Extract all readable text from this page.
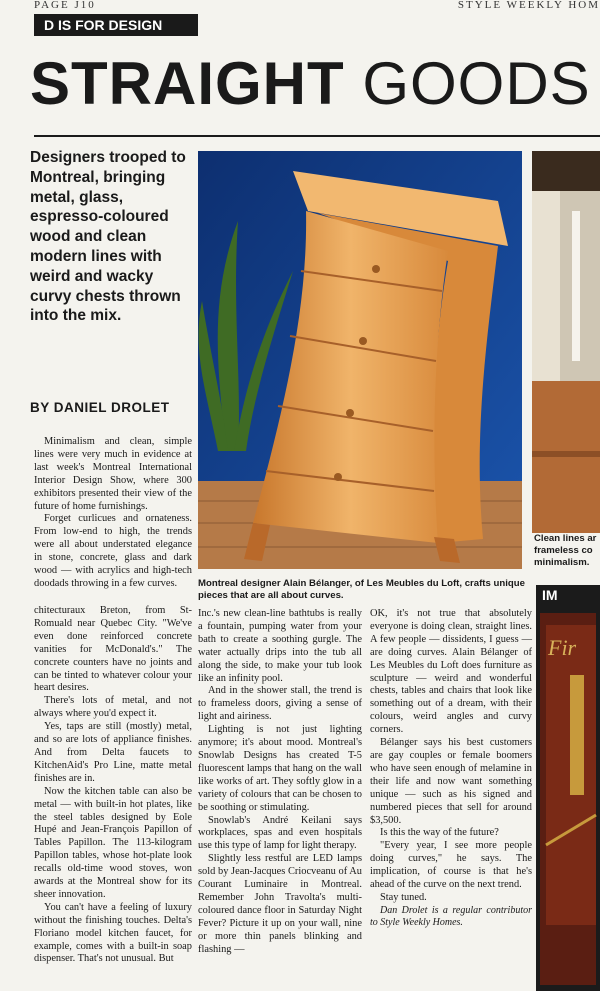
PAGE J10	STYLE WEEKLY HOM
D IS FOR DESIGN
STRAIGHT GOODS
Designers trooped to Montreal, bringing metal, glass, espresso-coloured wood and clean modern lines with weird and wacky curvy chests thrown into the mix.
BY DANIEL DROLET
Montreal designer Alain Bélanger, of Les Meubles du Loft, crafts unique pieces that are all about curves.
Clean lines ar
frameless co
minimalism.

Minimalism and clean, simple lines were very much in evidence at last week's Montreal International Interior Design Show, where 300 exhibitors presented their view of the future of home furnishings.

Forget curlicues and ornateness. From low-end to high, the trends were all about understated elegance in stone, concrete, glass and dark wood — with acrylics and high-tech doodads throwing in a few curves.

chitecturaux Breton, from St-Romuald near Quebec City. "We've even done reinforced concrete vanities for McDonald's." The concrete counters have no joints and can be tinted to whatever colour your heart desires.

There's lots of metal, and not always where you'd expect it.

Yes, taps are still (mostly) metal, and so are lots of appliance finishes. And from Delta faucets to KitchenAid's Pro Line, matte metal finishes are in.

Now the kitchen table can also be metal — with built-in hot plates, like the steel tables designed by Eole Hupé and Jean-François Papillon of Tables Papillon. The 113-kilogram Papillon tables, whose hot-plate look recalls old-time wood stoves, won awards at the Montreal show for its sheer innovation.

You can't have a feeling of luxury without the finishing touches. Delta's Floriano model kitchen faucet, for example, comes with a built-in soap dispenser. That's not unusual. But

Inc.'s new clean-line bathtubs is really a fountain, pumping water from your bath to create a soothing gurgle. The water actually drips into the tub all along the side, to make your tub look like an infinity pool.

And in the shower stall, the trend is to frameless doors, giving a sense of light and airiness.

Lighting is not just lighting anymore; it's about mood. Montreal's Snowlab Designs has created T-5 fluorescent lamps that hang on the wall like works of art. They softly glow in a variety of colours that can be chosen to be soothing or stimulating.

Snowlab's André Keilani says workplaces, spas and even hospitals use this type of lamp for light therapy.

Slightly less restful are LED lamps sold by Jean-Jacques Criocveanu of Au Courant Luminaire in Montreal. Remember John Travolta's multi-coloured dance floor in Saturday Night Fever? Picture it up on your wall, nine or more thin panels blinking and flashing —

OK, it's not true that absolutely everyone is doing clean, straight lines. A few people — dissidents, I guess — are doing curves. Alain Bélanger of Les Meubles du Loft does furniture as sculpture — weird and wonderful chests, tables and chairs that look like something out of a dream, with their colours, weird angles and curvy corners.

Bélanger says his best customers are gay couples or female boomers who have seen enough of melamine in their life and now want something unique — such as his signed and numbered pieces that sell for around $3,500.

Is this the way of the future?

"Every year, I see more people doing curves," he says. The implication, of course is that he's ahead of the curve on the next trend.

Stay tuned.

Dan Drolet is a regular contributor to Style Weekly Homes.

IM
Fir
